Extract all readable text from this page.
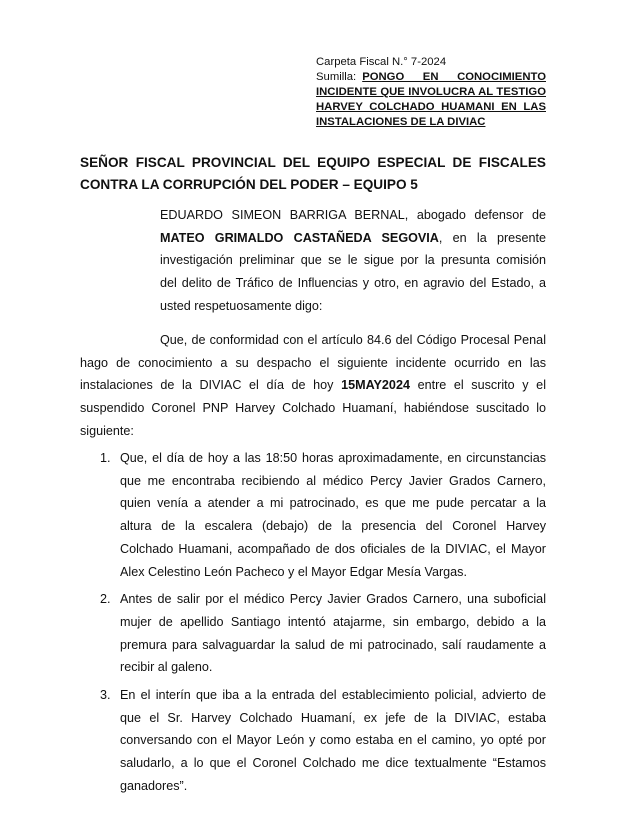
Carpeta Fiscal N.° 7-2024
Sumilla: PONGO EN CONOCIMIENTO
INCIDENTE QUE INVOLUCRA AL TESTIGO
HARVEY COLCHADO HUAMANI EN LAS
INSTALACIONES DE LA DIVIAC
SEÑOR FISCAL PROVINCIAL DEL EQUIPO ESPECIAL DE FISCALES
CONTRA LA CORRUPCIÓN DEL PODER – EQUIPO 5
EDUARDO SIMEON BARRIGA BERNAL, abogado defensor de
MATEO GRIMALDO CASTAÑEDA SEGOVIA, en la presente
investigación preliminar que se le sigue por la presunta comisión
del delito de Tráfico de Influencias y otro, en agravio del Estado, a
usted respetuosamente digo:
Que, de conformidad con el artículo 84.6 del Código Procesal Penal
hago de conocimiento a su despacho el siguiente incidente ocurrido en las
instalaciones de la DIVIAC el día de hoy 15MAY2024 entre el suscrito y el
suspendido Coronel PNP Harvey Colchado Huamaní, habiéndose suscitado lo
siguiente:
1. Que, el día de hoy a las 18:50 horas aproximadamente, en circunstancias
que me encontraba recibiendo al médico Percy Javier Grados Carnero,
quien venía a atender a mi patrocinado, es que me pude percatar a la
altura de la escalera (debajo) de la presencia del Coronel Harvey
Colchado Huamani, acompañado de dos oficiales de la DIVIAC, el Mayor
Alex Celestino León Pacheco y el Mayor Edgar Mesía Vargas.
2. Antes de salir por el médico Percy Javier Grados Carnero, una suboficial
mujer de apellido Santiago intentó atajarme, sin embargo, debido a la
premura para salvaguardar la salud de mi patrocinado, salí raudamente a
recibir al galeno.
3. En el interín que iba a la entrada del establecimiento policial, advierto de
que el Sr. Harvey Colchado Huamaní, ex jefe de la DIVIAC, estaba
conversando con el Mayor León y como estaba en el camino, yo opté por
saludarlo, a lo que el Coronel Colchado me dice textualmente “Estamos
ganadores”.
